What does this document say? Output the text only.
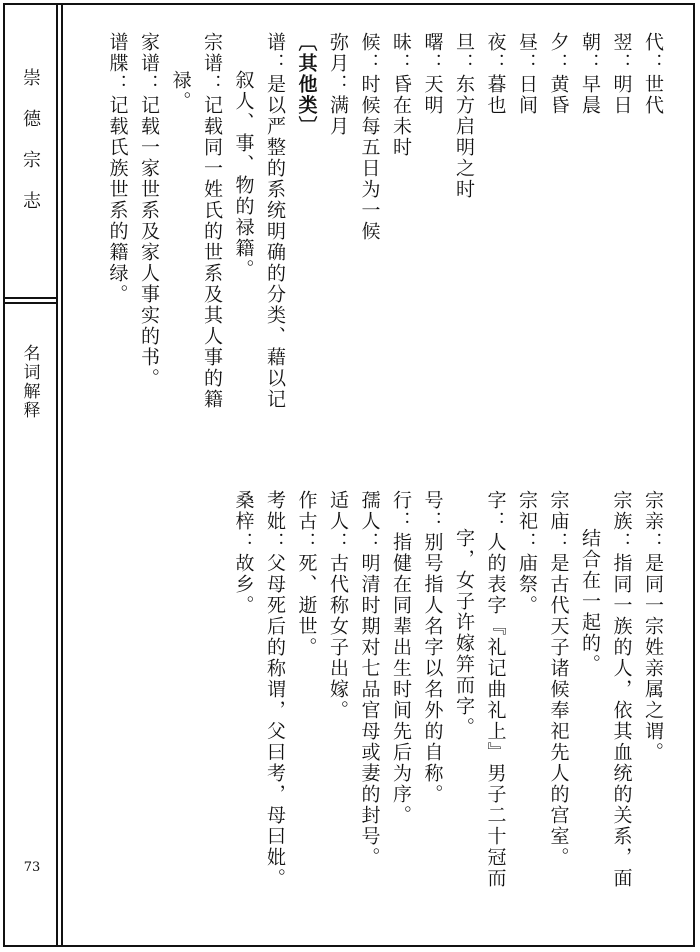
崇
德
宗
志
名
词
解
释
73
代：世代
翌：明日
朝：早晨
夕：黄昏
昼：日间
夜：暮也
旦：东方启明之时
曙：天明
昧：昏在未时
候：时候每五日为一候
弥月：满月
〔其他类〕
谱：是以严整的系统明确的分类、藉以记
叙人、事、物的禄籍。
宗谱：记载同一姓氏的世系及其人事的籍
禄。
家谱：记载一家世系及家人事实的书。
谱牒：记载氏族世系的籍绿。
宗亲：是同一宗姓亲属之谓。
宗族：指同一族的人，依其血统的关系，面
结合在一起的。
宗庙：是古代天子诸候奉祀先人的宫室。
宗祀：庙祭。
字：人的表字『礼记曲礼上』男子二十冠而
字，女子许嫁笄而字。
号：别号指人名字以名外的自称。
行：指健在同辈出生时间先后为序。
孺人：明清时期对七品官母或妻的封号。
适人：古代称女子出嫁。
作古：死、逝世。
考妣：父母死后的称谓，父曰考，母曰妣。
桑梓：故乡。
